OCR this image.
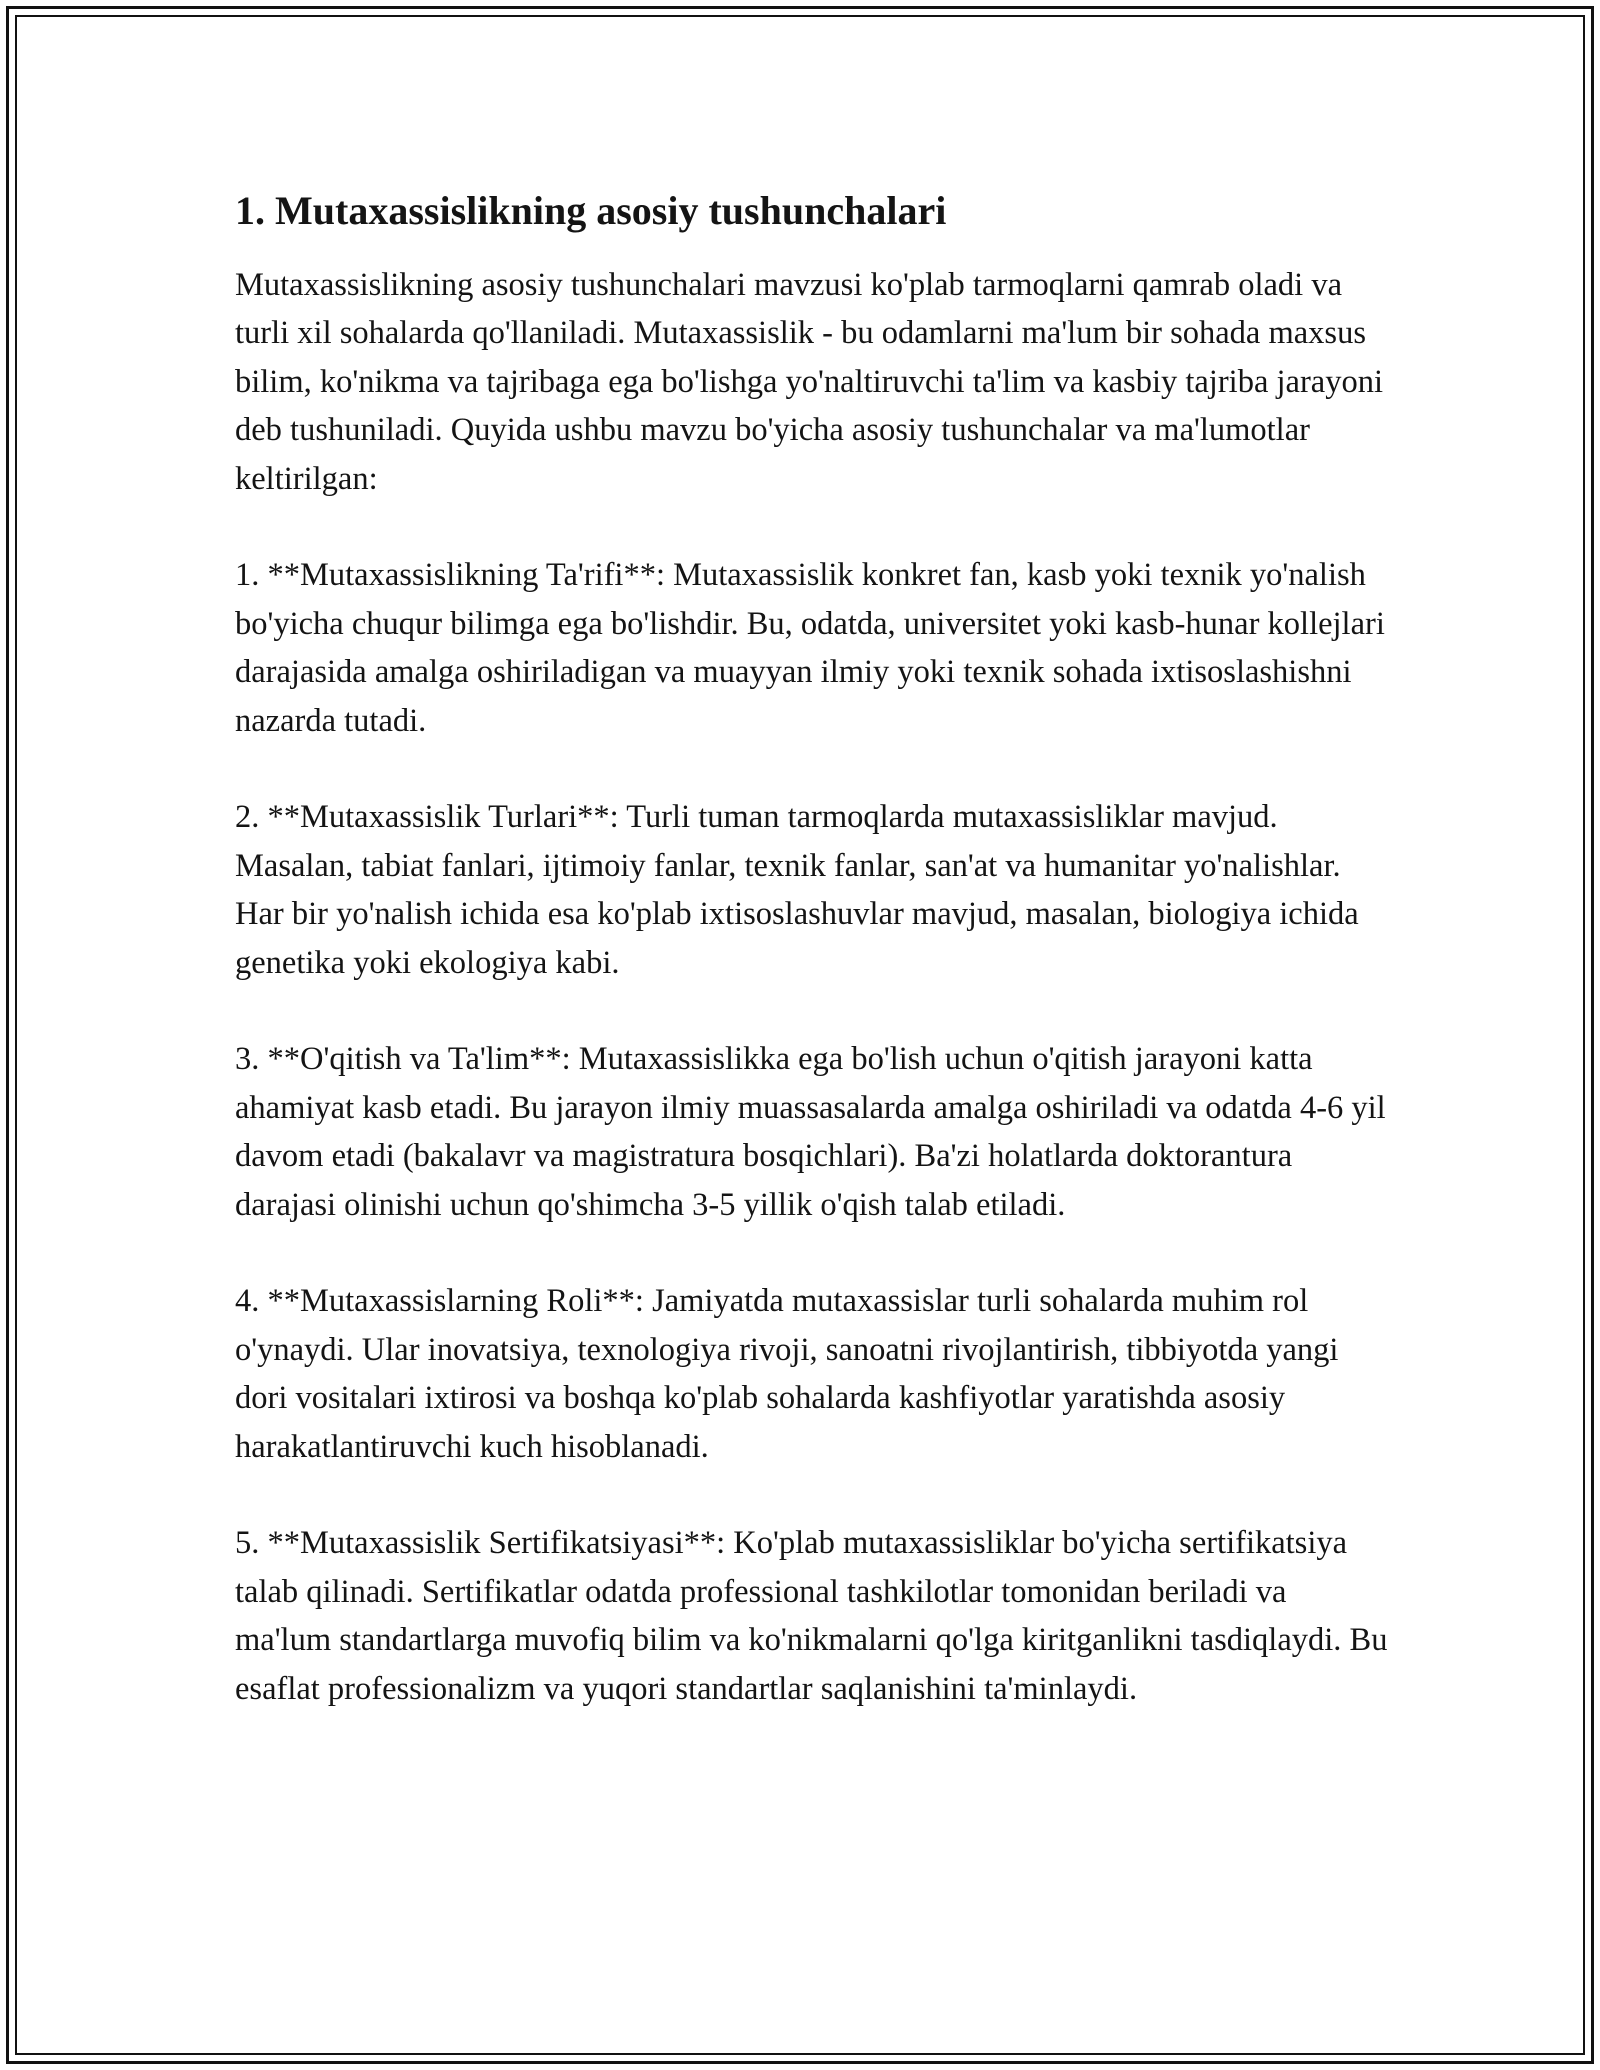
1. Mutaxassislikning asosiy tushunchalari

Mutaxassislikning asosiy tushunchalari mavzusi ko'plab tarmoqlarni qamrab oladi va turli xil sohalarda qo'llaniladi. Mutaxassislik - bu odamlarni ma'lum bir sohada maxsus bilim, ko'nikma va tajribaga ega bo'lishga yo'naltiruvchi ta'lim va kasbiy tajriba jarayoni deb tushuniladi. Quyida ushbu mavzu bo'yicha asosiy tushunchalar va ma'lumotlar keltirilgan:

1. **Mutaxassislikning Ta'rifi**: Mutaxassislik konkret fan, kasb yoki texnik yo'nalish bo'yicha chuqur bilimga ega bo'lishdir. Bu, odatda, universitet yoki kasb-hunar kollejlari darajasida amalga oshiriladigan va muayyan ilmiy yoki texnik sohada ixtisoslashishni nazarda tutadi.

2. **Mutaxassislik Turlari**: Turli tuman tarmoqlarda mutaxassisliklar mavjud. Masalan, tabiat fanlari, ijtimoiy fanlar, texnik fanlar, san'at va humanitar yo'nalishlar. Har bir yo'nalish ichida esa ko'plab ixtisoslashuvlar mavjud, masalan, biologiya ichida genetika yoki ekologiya kabi.

3. **O'qitish va Ta'lim**: Mutaxassislikka ega bo'lish uchun o'qitish jarayoni katta ahamiyat kasb etadi. Bu jarayon ilmiy muassasalarda amalga oshiriladi va odatda 4-6 yil davom etadi (bakalavr va magistratura bosqichlari). Ba'zi holatlarda doktorantura darajasi olinishi uchun qo'shimcha 3-5 yillik o'qish talab etiladi.

4. **Mutaxassislarning Roli**: Jamiyatda mutaxassislar turli sohalarda muhim rol o'ynaydi. Ular inovatsiya, texnologiya rivoji, sanoatni rivojlantirish, tibbiyotda yangi dori vositalari ixtirosi va boshqa ko'plab sohalarda kashfiyotlar yaratishda asosiy harakatlantiruvchi kuch hisoblanadi.

5. **Mutaxassislik Sertifikatsiyasi**: Ko'plab mutaxassisliklar bo'yicha sertifikatsiya talab qilinadi. Sertifikatlar odatda professional tashkilotlar tomonidan beriladi va ma'lum standartlarga muvofiq bilim va ko'nikmalarni qo'lga kiritganlikni tasdiqlaydi. Bu esaflat professionalizm va yuqori standartlar saqlanishini ta'minlaydi.
